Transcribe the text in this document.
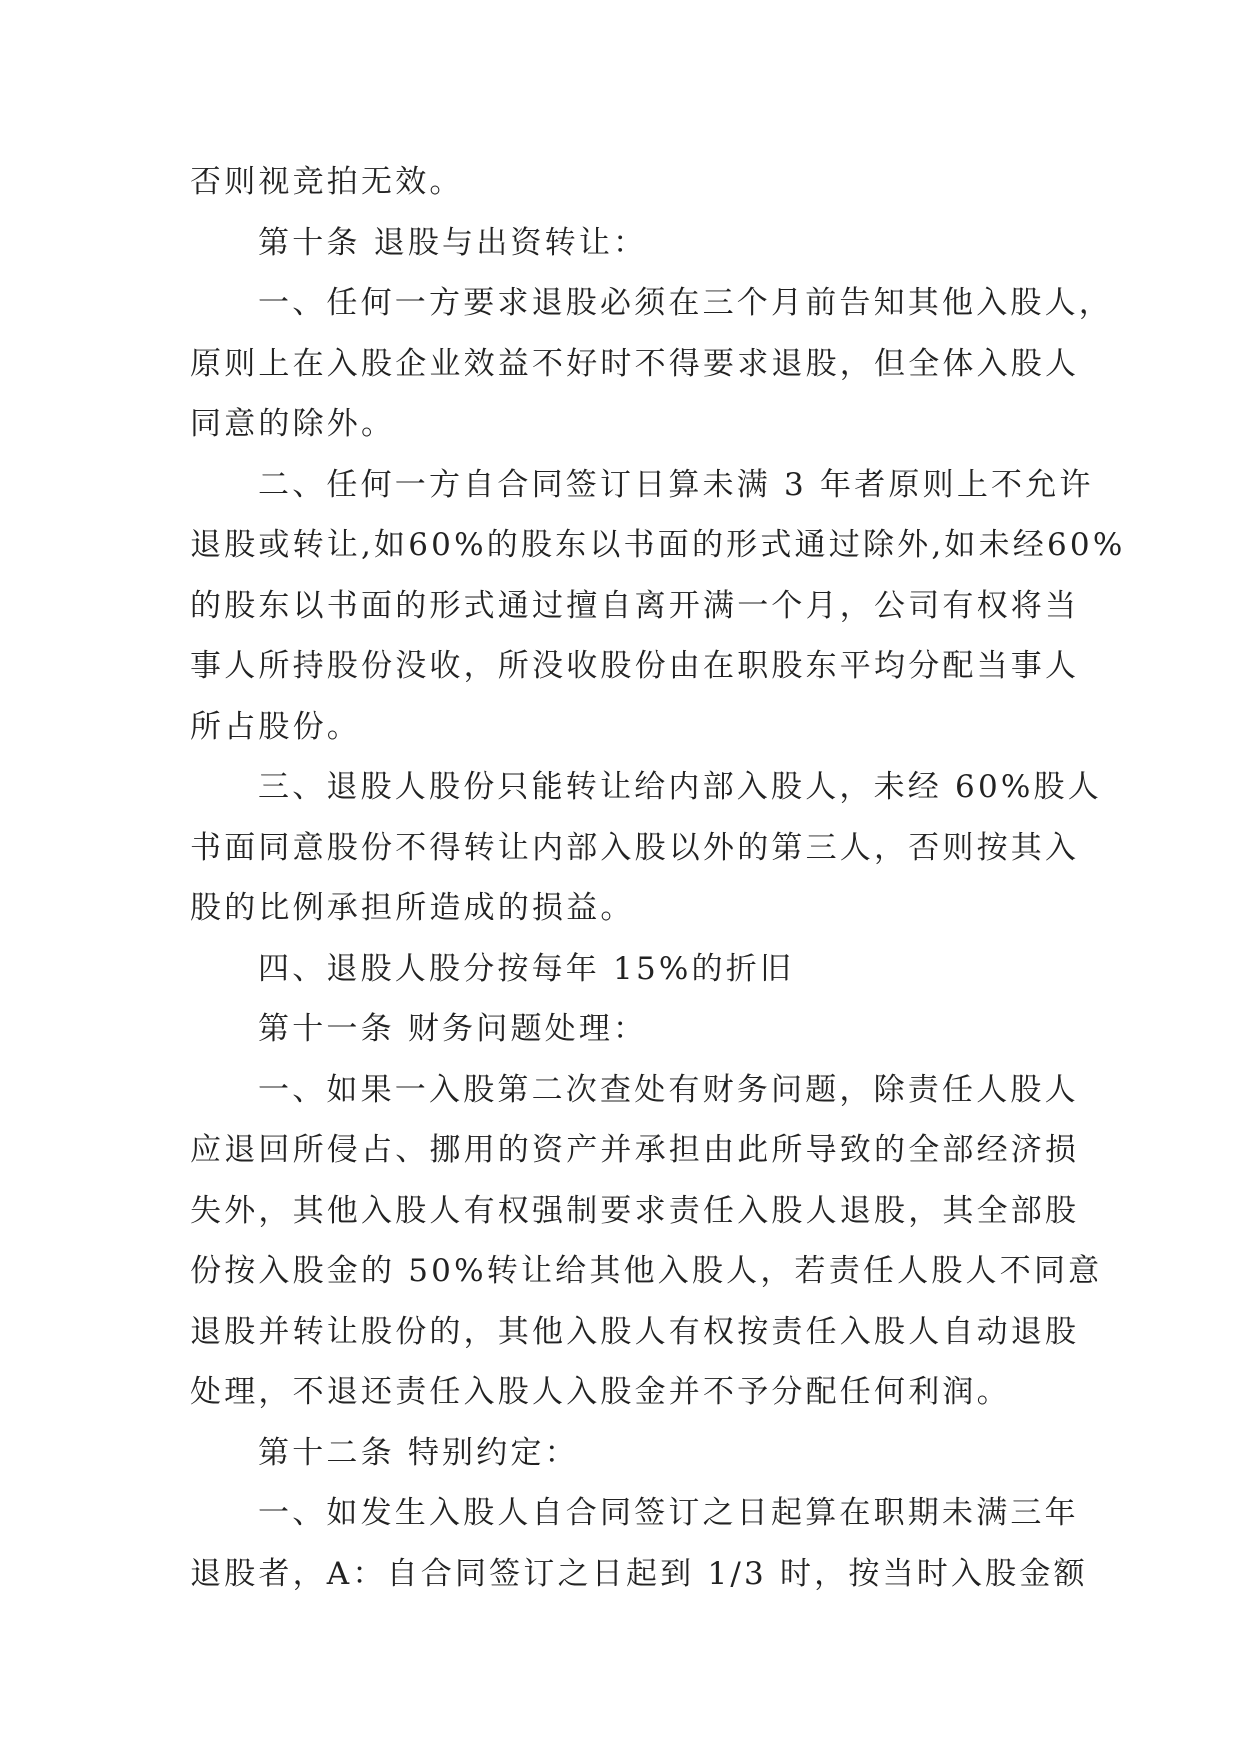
否则视竞拍无效。
第十条 退股与出资转让：
一、任何一方要求退股必须在三个月前告知其他入股人，
原则上在入股企业效益不好时不得要求退股，但全体入股人
同意的除外。
二、任何一方自合同签订日算未满 3 年者原则上不允许
退股或转让,如60%的股东以书面的形式通过除外,如未经60%
的股东以书面的形式通过擅自离开满一个月，公司有权将当
事人所持股份没收，所没收股份由在职股东平均分配当事人
所占股份。
三、退股人股份只能转让给内部入股人，未经 60%股人
书面同意股份不得转让内部入股以外的第三人，否则按其入
股的比例承担所造成的损益。
四、退股人股分按每年 15%的折旧
第十一条 财务问题处理：
一、如果一入股第二次查处有财务问题，除责任人股人
应退回所侵占、挪用的资产并承担由此所导致的全部经济损
失外，其他入股人有权强制要求责任入股人退股，其全部股
份按入股金的 50%转让给其他入股人，若责任人股人不同意
退股并转让股份的，其他入股人有权按责任入股人自动退股
处理，不退还责任入股人入股金并不予分配任何利润。
第十二条 特别约定：
一、如发生入股人自合同签订之日起算在职期未满三年
退股者，A：自合同签订之日起到 1/3 时，按当时入股金额
